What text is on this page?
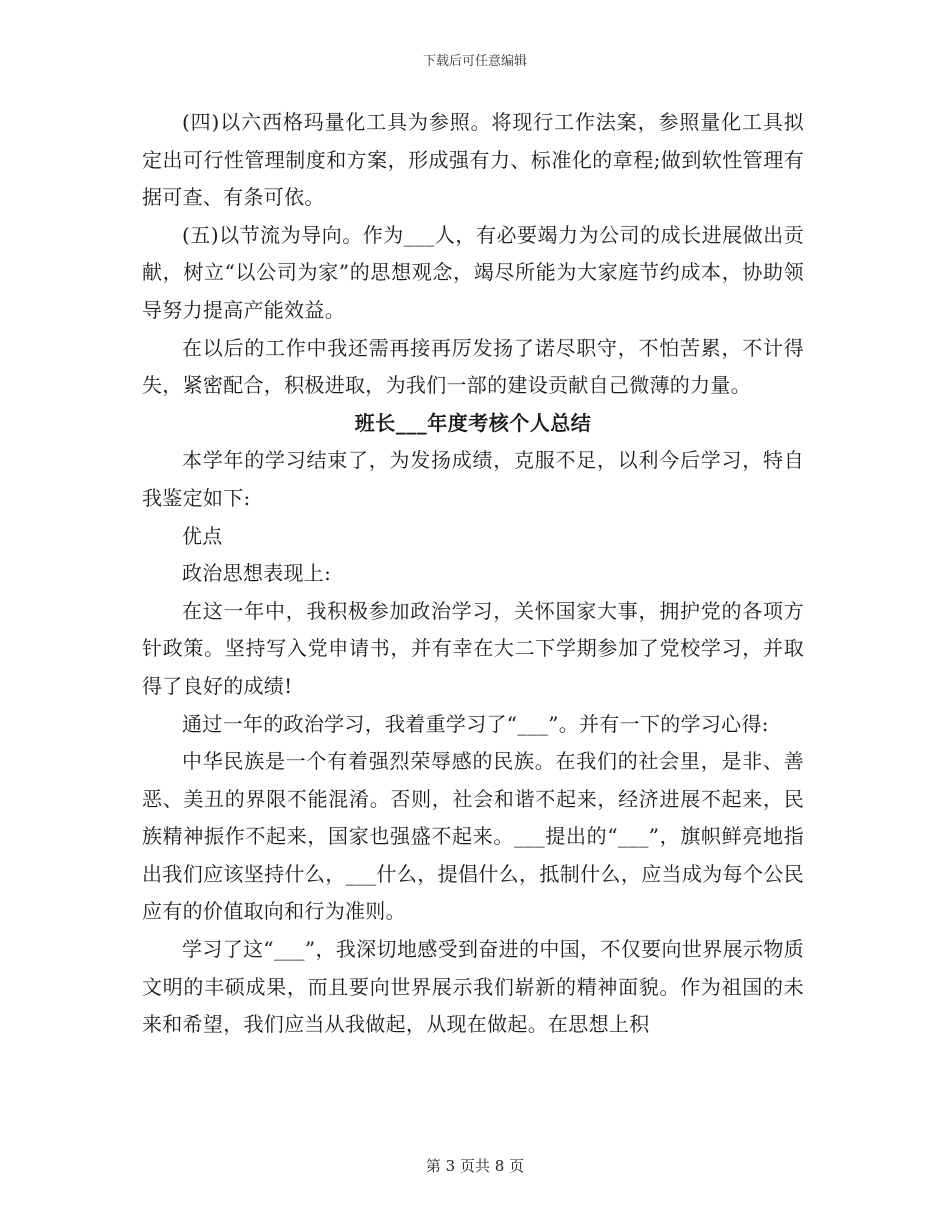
下载后可任意编辑

(四)以六西格玛量化工具为参照。将现行工作法案，参照量化工具拟定出可行性管理制度和方案，形成强有力、标准化的章程;做到软性管理有据可查、有条可依。

(五)以节流为导向。作为___人，有必要竭力为公司的成长进展做出贡献，树立“以公司为家”的思想观念，竭尽所能为大家庭节约成本，协助领导努力提高产能效益。

在以后的工作中我还需再接再厉发扬了诺尽职守，不怕苦累，不计得失，紧密配合，积极进取，为我们一部的建设贡献自己微薄的力量。

班长___年度考核个人总结

本学年的学习结束了，为发扬成绩，克服不足，以利今后学习，特自我鉴定如下:

优点

政治思想表现上:

在这一年中，我积极参加政治学习，关怀国家大事，拥护党的各项方针政策。坚持写入党申请书，并有幸在大二下学期参加了党校学习，并取得了良好的成绩!

通过一年的政治学习，我着重学习了“___”。并有一下的学习心得:

中华民族是一个有着强烈荣辱感的民族。在我们的社会里，是非、善恶、美丑的界限不能混淆。否则，社会和谐不起来，经济进展不起来，民族精神振作不起来，国家也强盛不起来。___提出的“___”，旗帜鲜亮地指出我们应该坚持什么，___什么，提倡什么，抵制什么，应当成为每个公民应有的价值取向和行为准则。

学习了这“___”，我深切地感受到奋进的中国，不仅要向世界展示物质文明的丰硕成果，而且要向世界展示我们崭新的精神面貌。作为祖国的未来和希望，我们应当从我做起，从现在做起。在思想上积

第 3 页共 8 页
